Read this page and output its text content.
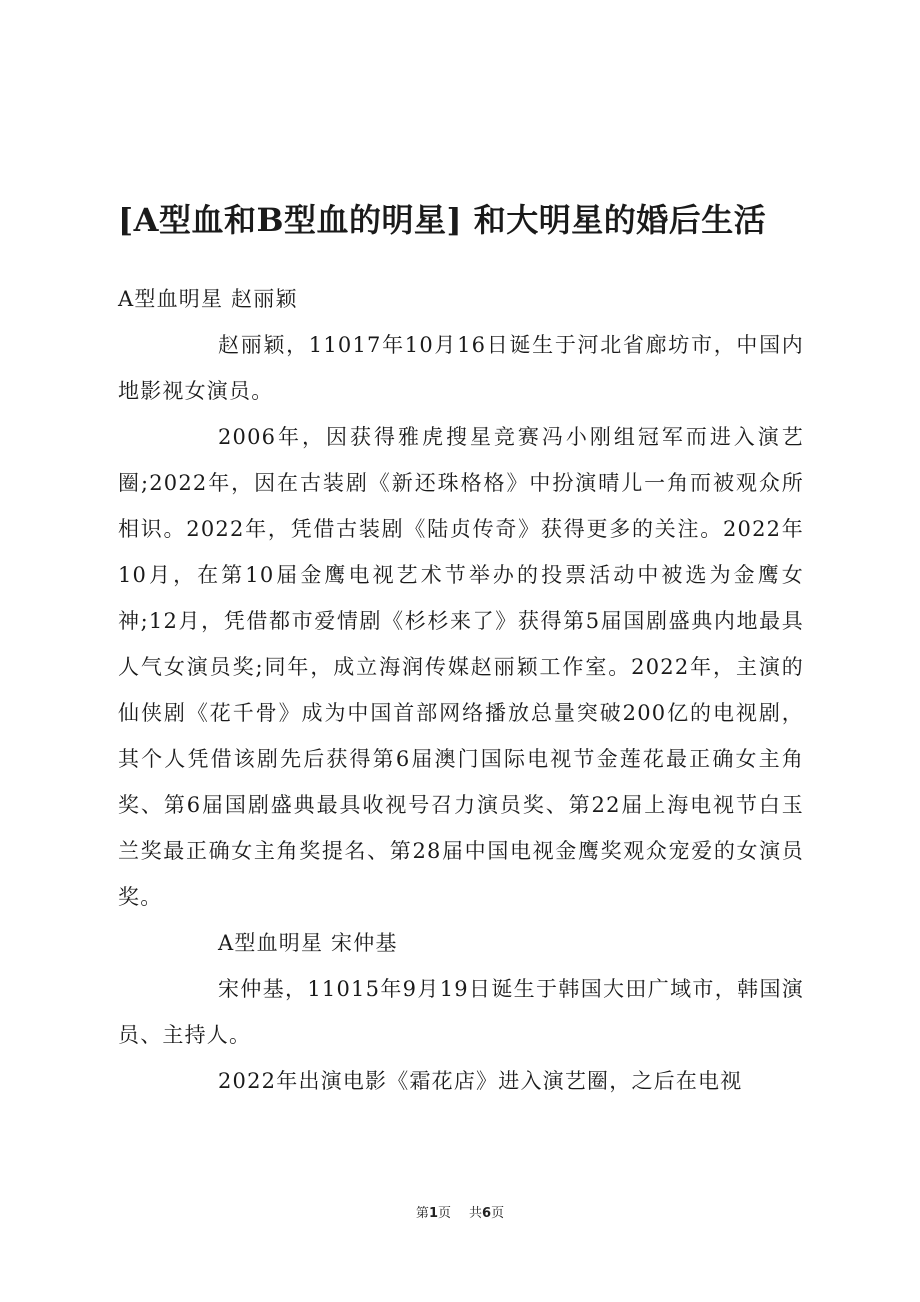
[A型血和B型血的明星] 和大明星的婚后生活

A型血明星 赵丽颖

赵丽颖，11017年10月16日诞生于河北省廊坊市，中国内地影视女演员。

2006年，因获得雅虎搜星竞赛冯小刚组冠军而进入演艺圈;2022年，因在古装剧《新还珠格格》中扮演晴儿一角而被观众所相识。2022年，凭借古装剧《陆贞传奇》获得更多的关注。2022年10月，在第10届金鹰电视艺术节举办的投票活动中被选为金鹰女神;12月，凭借都市爱情剧《杉杉来了》获得第5届国剧盛典内地最具人气女演员奖;同年，成立海润传媒赵丽颖工作室。2022年，主演的仙侠剧《花千骨》成为中国首部网络播放总量突破200亿的电视剧，其个人凭借该剧先后获得第6届澳门国际电视节金莲花最正确女主角奖、第6届国剧盛典最具收视号召力演员奖、第22届上海电视节白玉兰奖最正确女主角奖提名、第28届中国电视金鹰奖观众宠爱的女演员奖。

A型血明星 宋仲基

宋仲基，11015年9月19日诞生于韩国大田广域市，韩国演员、主持人。

2022年出演电影《霜花店》进入演艺圈，之后在电视

第1页 共6页
